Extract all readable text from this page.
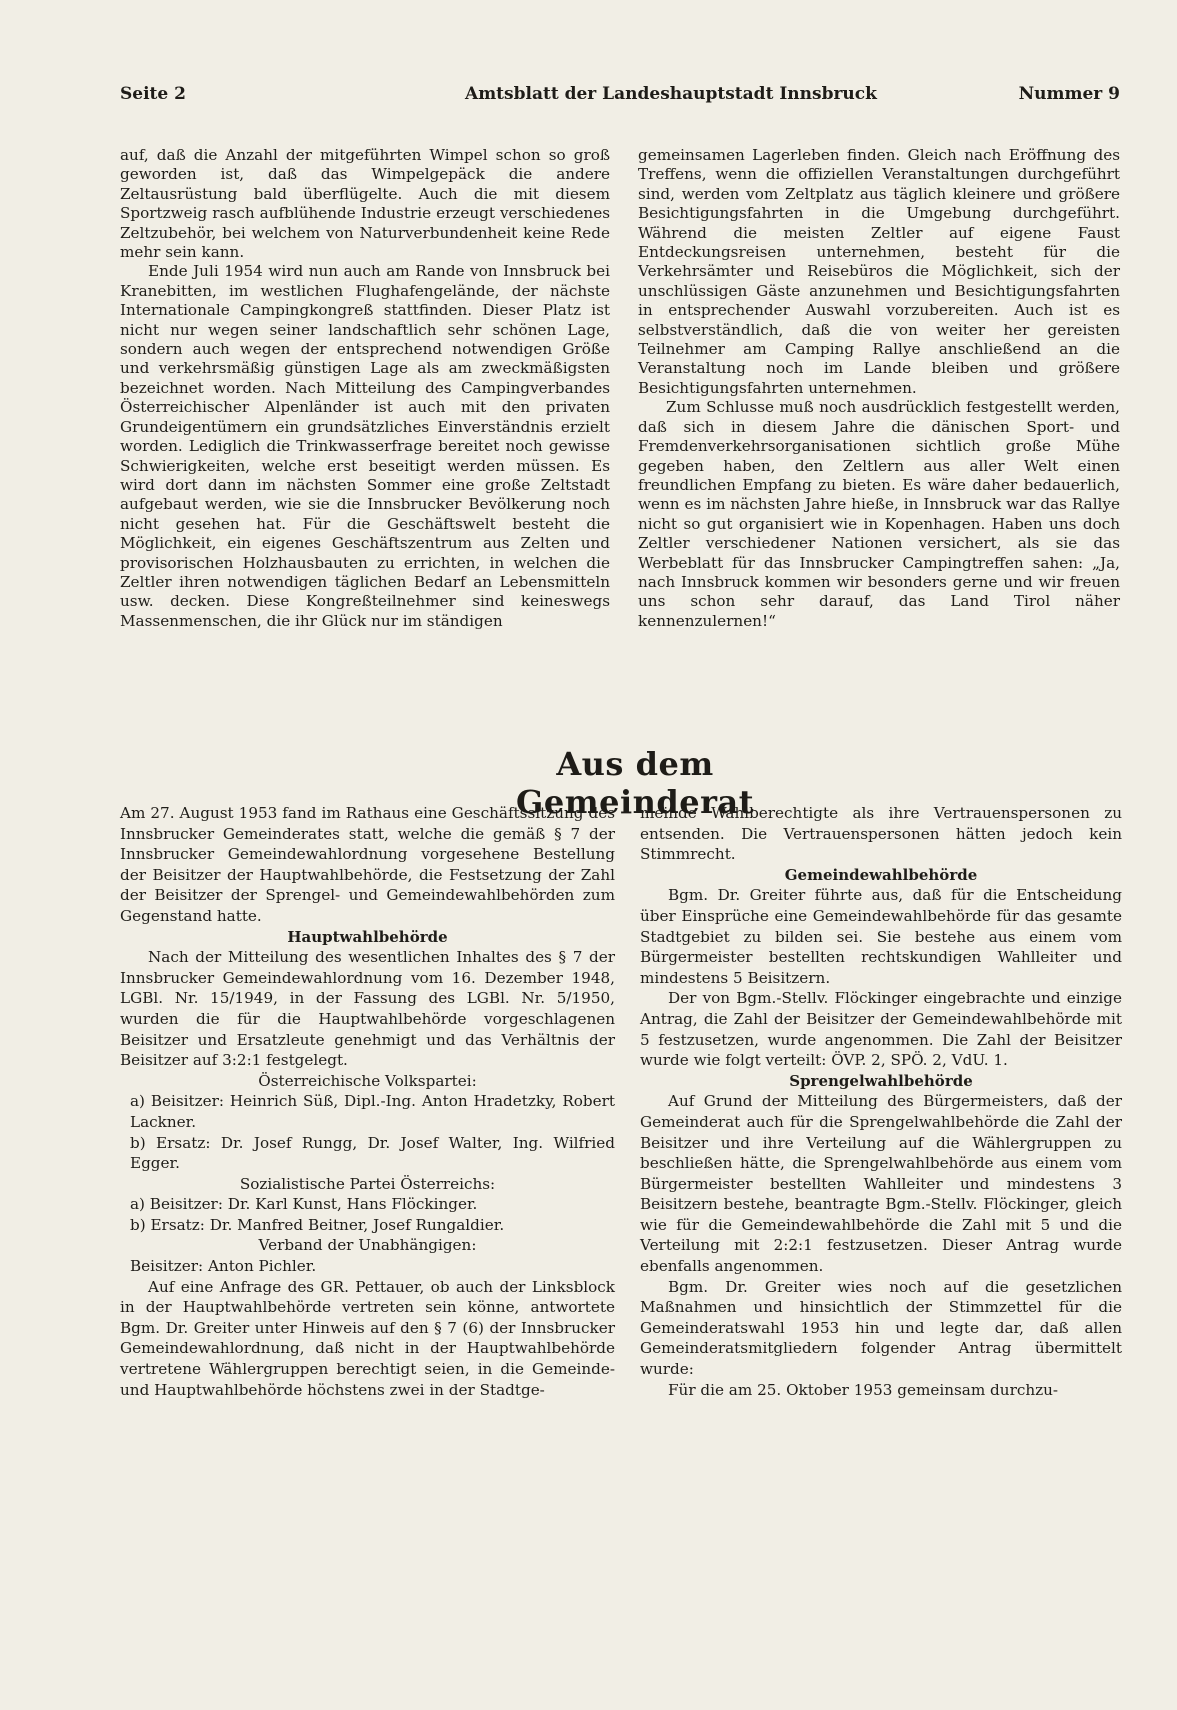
Seite 2	Amtsblatt der Landeshauptstadt Innsbruck	Nummer 9

auf, daß die Anzahl der mitgeführten Wimpel schon so groß geworden ist, daß das Wimpelgepäck die andere Zeltausrüstung bald überflügelte. Auch die mit diesem Sportzweig rasch aufblühende Industrie erzeugt verschiedenes Zeltzubehör, bei welchem von Naturverbundenheit keine Rede mehr sein kann.

Ende Juli 1954 wird nun auch am Rande von Innsbruck bei Kranebitten, im westlichen Flughafengelände, der nächste Internationale Campingkongreß stattfinden. Dieser Platz ist nicht nur wegen seiner landschaftlich sehr schönen Lage, sondern auch wegen der entsprechend notwendigen Größe und verkehrsmäßig günstigen Lage als am zweckmäßigsten bezeichnet worden. Nach Mitteilung des Campingverbandes Österreichischer Alpenländer ist auch mit den privaten Grundeigentümern ein grundsätzliches Einverständnis erzielt worden. Lediglich die Trinkwasserfrage bereitet noch gewisse Schwierigkeiten, welche erst beseitigt werden müssen. Es wird dort dann im nächsten Sommer eine große Zeltstadt aufgebaut werden, wie sie die Innsbrucker Bevölkerung noch nicht gesehen hat. Für die Geschäftswelt besteht die Möglichkeit, ein eigenes Geschäftszentrum aus Zelten und provisorischen Holzhausbauten zu errichten, in welchen die Zeltler ihren notwendigen täglichen Bedarf an Lebensmitteln usw. decken. Diese Kongreßteilnehmer sind keineswegs Massenmenschen, die ihr Glück nur im ständigen

gemeinsamen Lagerleben finden. Gleich nach Eröffnung des Treffens, wenn die offiziellen Veranstaltungen durchgeführt sind, werden vom Zeltplatz aus täglich kleinere und größere Besichtigungsfahrten in die Umgebung durchgeführt. Während die meisten Zeltler auf eigene Faust Entdeckungsreisen unternehmen, besteht für die Verkehrsämter und Reisebüros die Möglichkeit, sich der unschlüssigen Gäste anzunehmen und Besichtigungsfahrten in entsprechender Auswahl vorzubereiten. Auch ist es selbstverständlich, daß die von weiter her gereisten Teilnehmer am Camping Rallye anschließend an die Veranstaltung noch im Lande bleiben und größere Besichtigungsfahrten unternehmen.

Zum Schlusse muß noch ausdrücklich festgestellt werden, daß sich in diesem Jahre die dänischen Sport- und Fremdenverkehrsorganisationen sichtlich große Mühe gegeben haben, den Zeltlern aus aller Welt einen freundlichen Empfang zu bieten. Es wäre daher bedauerlich, wenn es im nächsten Jahre hieße, in Innsbruck war das Rallye nicht so gut organisiert wie in Kopenhagen. Haben uns doch Zeltler verschiedener Nationen versichert, als sie das Werbeblatt für das Innsbrucker Campingtreffen sahen: „Ja, nach Innsbruck kommen wir besonders gerne und wir freuen uns schon sehr darauf, das Land Tirol näher kennenzulernen!“

Aus dem Gemeinderat

Am 27. August 1953 fand im Rathaus eine Geschäftssitzung des Innsbrucker Gemeinderates statt, welche die gemäß § 7 der Innsbrucker Gemeindewahlordnung vorgesehene Bestellung der Beisitzer der Hauptwahlbehörde, die Festsetzung der Zahl der Beisitzer der Sprengel- und Gemeindewahlbehörden zum Gegenstand hatte.

Hauptwahlbehörde

Nach der Mitteilung des wesentlichen Inhaltes des § 7 der Innsbrucker Gemeindewahlordnung vom 16. Dezember 1948, LGBl. Nr. 15/1949, in der Fassung des LGBl. Nr. 5/1950, wurden die für die Hauptwahlbehörde vorgeschlagenen Beisitzer und Ersatzleute genehmigt und das Verhältnis der Beisitzer auf 3:2:1 festgelegt.

Österreichische Volkspartei:

a) Beisitzer: Heinrich Süß, Dipl.-Ing. Anton Hradetzky, Robert Lackner.

b) Ersatz: Dr. Josef Rungg, Dr. Josef Walter, Ing. Wilfried Egger.

Sozialistische Partei Österreichs:

a) Beisitzer: Dr. Karl Kunst, Hans Flöckinger.

b) Ersatz: Dr. Manfred Beitner, Josef Rungaldier.

Verband der Unabhängigen:

Beisitzer: Anton Pichler.

Auf eine Anfrage des GR. Pettauer, ob auch der Linksblock in der Hauptwahlbehörde vertreten sein könne, antwortete Bgm. Dr. Greiter unter Hinweis auf den § 7 (6) der Innsbrucker Gemeindewahlordnung, daß nicht in der Hauptwahlbehörde vertretene Wählergruppen berechtigt seien, in die Gemeinde- und Hauptwahlbehörde höchstens zwei in der Stadtge-

meinde Wahlberechtigte als ihre Vertrauenspersonen zu entsenden. Die Vertrauenspersonen hätten jedoch kein Stimmrecht.

Gemeindewahlbehörde

Bgm. Dr. Greiter führte aus, daß für die Entscheidung über Einsprüche eine Gemeindewahlbehörde für das gesamte Stadtgebiet zu bilden sei. Sie bestehe aus einem vom Bürgermeister bestellten rechtskundigen Wahlleiter und mindestens 5 Beisitzern.

Der von Bgm.-Stellv. Flöckinger eingebrachte und einzige Antrag, die Zahl der Beisitzer der Gemeindewahlbehörde mit 5 festzusetzen, wurde angenommen. Die Zahl der Beisitzer wurde wie folgt verteilt: ÖVP. 2, SPÖ. 2, VdU. 1.

Sprengelwahlbehörde

Auf Grund der Mitteilung des Bürgermeisters, daß der Gemeinderat auch für die Sprengelwahlbehörde die Zahl der Beisitzer und ihre Verteilung auf die Wählergruppen zu beschließen hätte, die Sprengelwahlbehörde aus einem vom Bürgermeister bestellten Wahlleiter und mindestens 3 Beisitzern bestehe, beantragte Bgm.-Stellv. Flöckinger, gleich wie für die Gemeindewahlbehörde die Zahl mit 5 und die Verteilung mit 2:2:1 festzusetzen. Dieser Antrag wurde ebenfalls angenommen.

Bgm. Dr. Greiter wies noch auf die gesetzlichen Maßnahmen und hinsichtlich der Stimmzettel für die Gemeinderatswahl 1953 hin und legte dar, daß allen Gemeinderatsmitgliedern folgender Antrag übermittelt wurde:

Für die am 25. Oktober 1953 gemeinsam durchzu-
